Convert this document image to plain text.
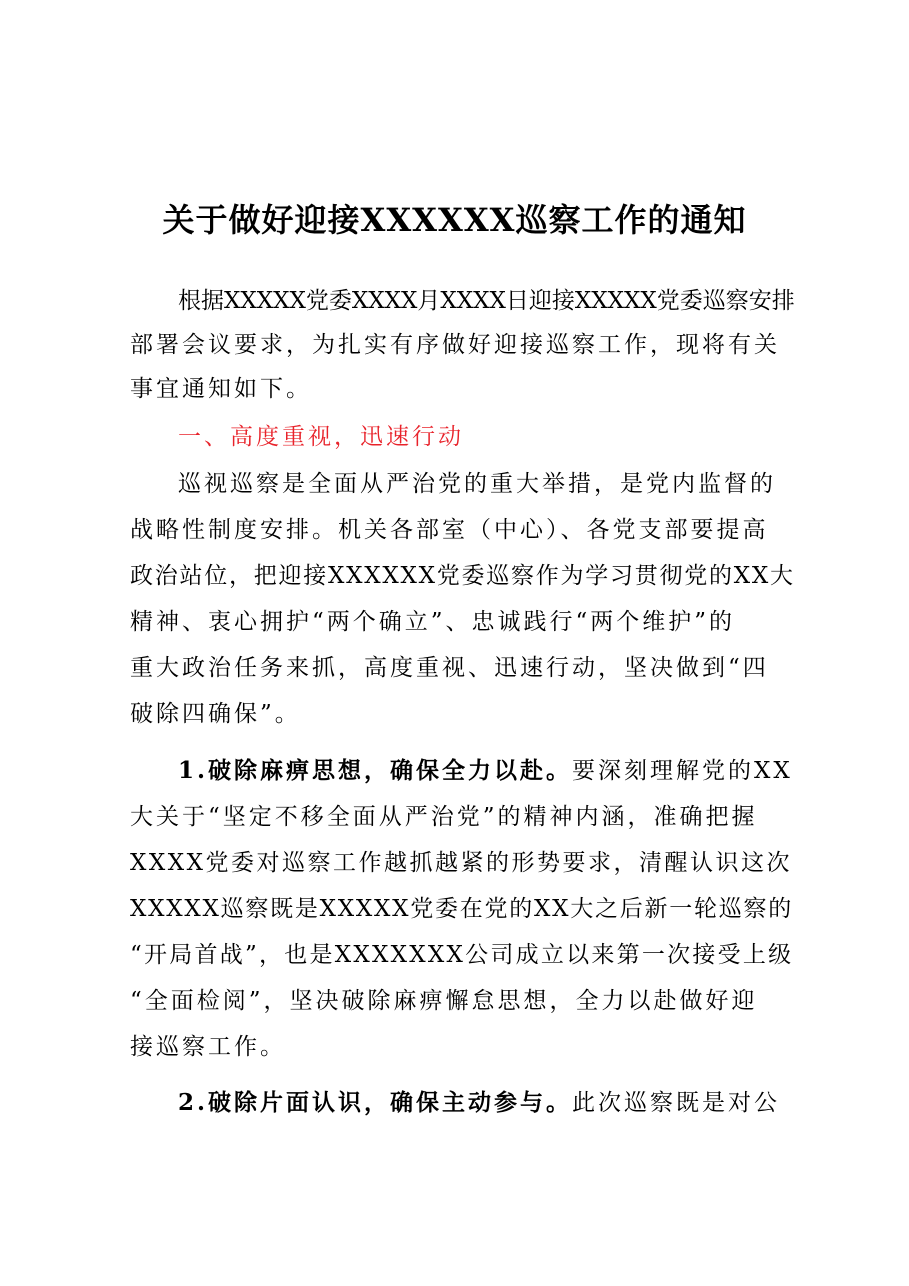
关于做好迎接XXXXXX巡察工作的通知
根据XXXXX党委XXXX月XXXX日迎接XXXXX党委巡察安排
部署会议要求，为扎实有序做好迎接巡察工作，现将有关
事宜通知如下。
一、高度重视，迅速行动
巡视巡察是全面从严治党的重大举措，是党内监督的
战略性制度安排。机关各部室（中心）、各党支部要提高
政治站位，把迎接XXXXXX党委巡察作为学习贯彻党的XX大
精神、衷心拥护“两个确立”、忠诚践行“两个维护”的
重大政治任务来抓，高度重视、迅速行动，坚决做到“四
破除四确保”。
1.破除麻痹思想，确保全力以赴。要深刻理解党的XX
大关于“坚定不移全面从严治党”的精神内涵，准确把握
XXXX党委对巡察工作越抓越紧的形势要求，清醒认识这次
XXXXX巡察既是XXXXX党委在党的XX大之后新一轮巡察的
“开局首战”，也是XXXXXXX公司成立以来第一次接受上级
“全面检阅”，坚决破除麻痹懈怠思想，全力以赴做好迎
接巡察工作。
2.破除片面认识，确保主动参与。此次巡察既是对公
